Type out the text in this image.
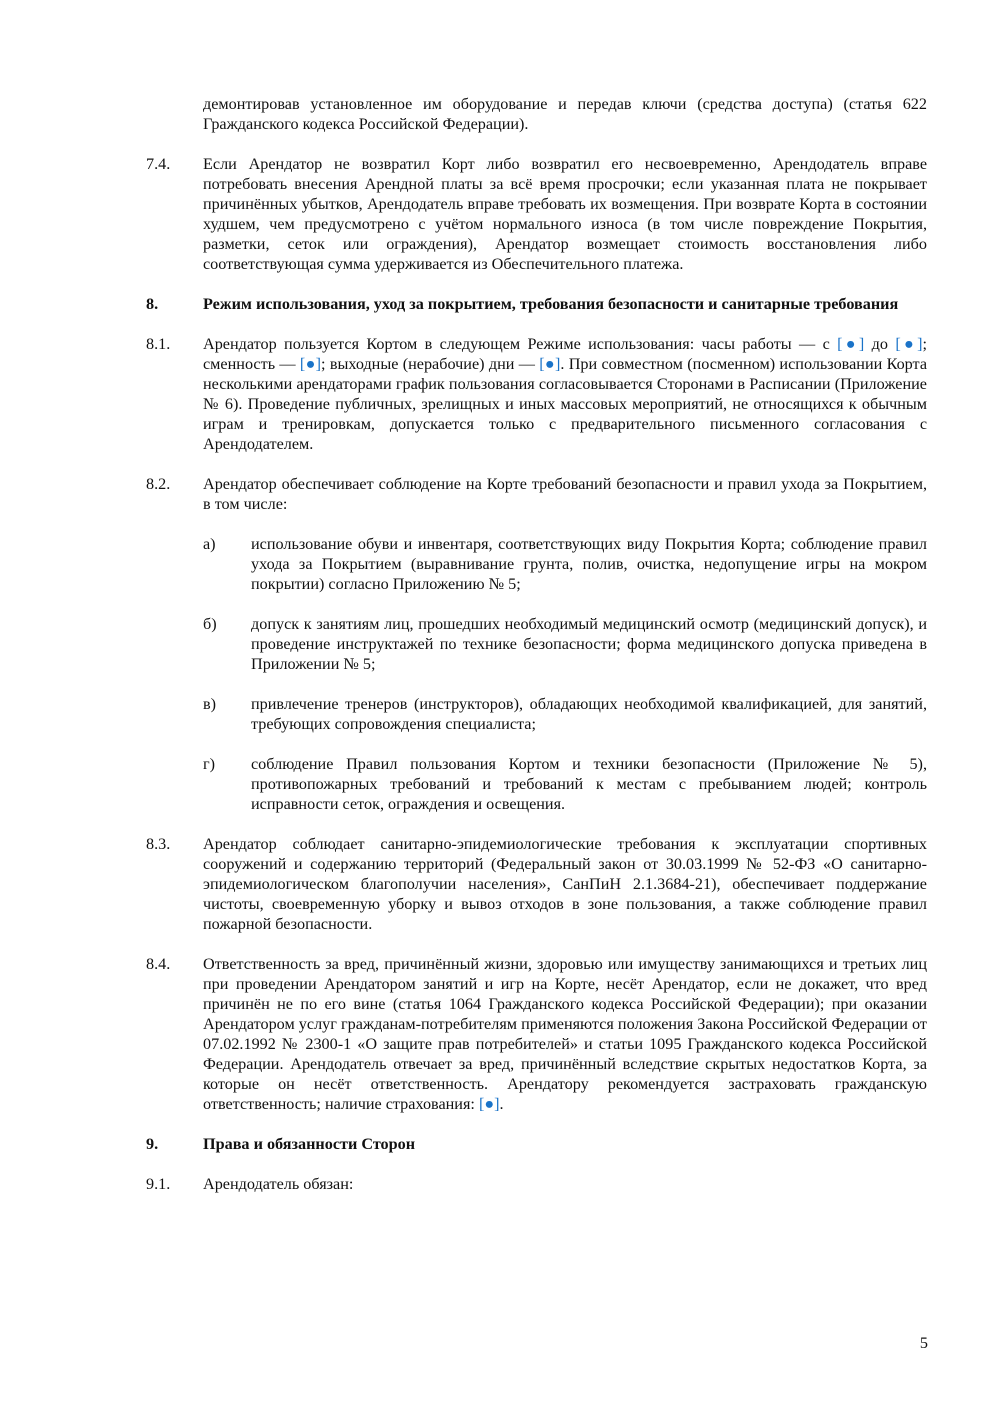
демонтировав установленное им оборудование и передав ключи (средства доступа) (статья 622 Гражданского кодекса Российской Федерации).
7.4. Если Арендатор не возвратил Корт либо возвратил его несвоевременно, Арендодатель вправе потребовать внесения Арендной платы за всё время просрочки; если указанная плата не покрывает причинённых убытков, Арендодатель вправе требовать их возмещения. При возврате Корта в состоянии худшем, чем предусмотрено с учётом нормального износа (в том числе повреждение Покрытия, разметки, сеток или ограждения), Арендатор возмещает стоимость восстановления либо соответствующая сумма удерживается из Обеспечительного платежа.
8.	Режим использования, уход за покрытием, требования безопасности и санитарные требования
8.1. Арендатор пользуется Кортом в следующем Режиме использования: часы работы — с [●] до [●]; сменность — [●]; выходные (нерабочие) дни — [●]. При совместном (посменном) использовании Корта несколькими арендаторами график пользования согласовывается Сторонами в Расписании (Приложение № 6). Проведение публичных, зрелищных и иных массовых мероприятий, не относящихся к обычным играм и тренировкам, допускается только с предварительного письменного согласования с Арендодателем.
8.2. Арендатор обеспечивает соблюдение на Корте требований безопасности и правил ухода за Покрытием, в том числе:
а) использование обуви и инвентаря, соответствующих виду Покрытия Корта; соблюдение правил ухода за Покрытием (выравнивание грунта, полив, очистка, недопущение игры на мокром покрытии) согласно Приложению № 5;
б) допуск к занятиям лиц, прошедших необходимый медицинский осмотр (медицинский допуск), и проведение инструктажей по технике безопасности; форма медицинского допуска приведена в Приложении № 5;
в) привлечение тренеров (инструкторов), обладающих необходимой квалификацией, для занятий, требующих сопровождения специалиста;
г) соблюдение Правил пользования Кортом и техники безопасности (Приложение № 5), противопожарных требований и требований к местам с пребыванием людей; контроль исправности сеток, ограждения и освещения.
8.3. Арендатор соблюдает санитарно-эпидемиологические требования к эксплуатации спортивных сооружений и содержанию территорий (Федеральный закон от 30.03.1999 № 52-ФЗ «О санитарно-эпидемиологическом благополучии населения», СанПиН 2.1.3684-21), обеспечивает поддержание чистоты, своевременную уборку и вывоз отходов в зоне пользования, а также соблюдение правил пожарной безопасности.
8.4. Ответственность за вред, причинённый жизни, здоровью или имуществу занимающихся и третьих лиц при проведении Арендатором занятий и игр на Корте, несёт Арендатор, если не докажет, что вред причинён не по его вине (статья 1064 Гражданского кодекса Российской Федерации); при оказании Арендатором услуг гражданам-потребителям применяются положения Закона Российской Федерации от 07.02.1992 № 2300-1 «О защите прав потребителей» и статьи 1095 Гражданского кодекса Российской Федерации. Арендодатель отвечает за вред, причинённый вследствие скрытых недостатков Корта, за которые он несёт ответственность. Арендатору рекомендуется застраховать гражданскую ответственность; наличие страхования: [●].
9.	Права и обязанности Сторон
9.1. Арендодатель обязан:
5
